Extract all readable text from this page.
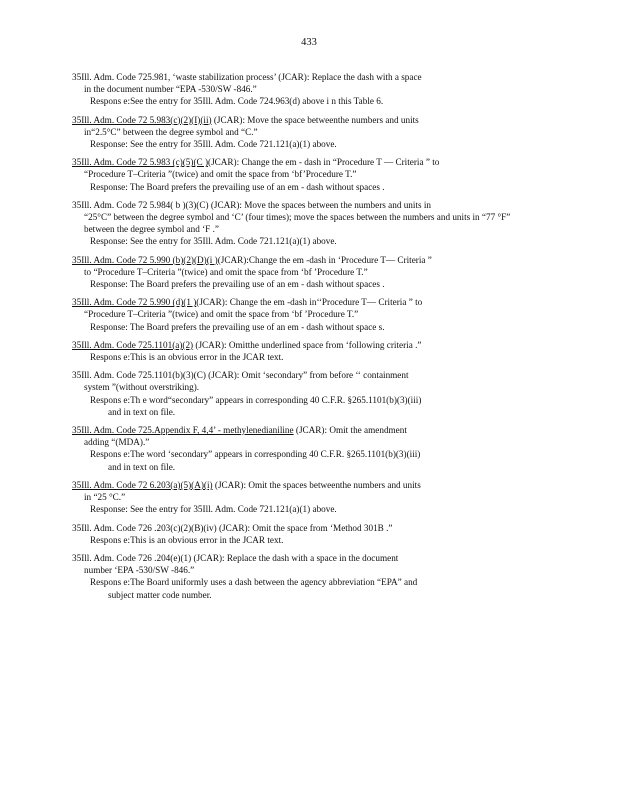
433
35Ill. Adm. Code 725.981, ‘waste stabilization process’ (JCAR): Replace the dash with a space
in the document number “EPA -530/SW -846.”
Respons e:See the entry for 35Ill. Adm. Code 724.963(d) above i n this Table 6.
35Ill. Adm. Code 72 5.983(c)(2)(I)(ii) (JCAR): Move the space betweenthe numbers and units
in“2.5°C” between the degree symbol and “C.”
Response: See the entry for 35Ill. Adm. Code 721.121(a)(1) above.
35Ill. Adm. Code 72 5.983 (c)(5)(C )(JCAR): Change the em - dash in “Procedure T — Criteria ” to
“Procedure T–Criteria ”(twice) and omit the space from ‘bf’Procedure T.”
Response: The Board prefers the prevailing use of an em - dash without spaces .
35Ill. Adm. Code 72 5.984( b )(3)(C) (JCAR): Move the spaces between the numbers and units in
“25°C” between the degree symbol and ‘C’ (four times); move the spaces between the numbers and units in “77 °F” between the degree symbol and ‘F .”
Response: See the entry for 35Ill. Adm. Code 721.121(a)(1) above.
35Ill. Adm. Code 72 5.990 (b)(2)(D)(i )(JCAR):Change the em -dash in ‘Procedure T— Criteria ”
to “Procedure T–Criteria ”(twice) and omit the space from ‘bf ’Procedure T.”
Response: The Board prefers the prevailing use of an em - dash without spaces .
35Ill. Adm. Code 72 5.990 (d)(1 )(JCAR): Change the em -dash in‘‘Procedure T— Criteria ” to
“Procedure T–Criteria ”(twice) and omit the space from ‘bf ’Procedure T.”
Response: The Board prefers the prevailing use of an em - dash without space s.
35Ill. Adm. Code 725.1101(a)(2) (JCAR): Omitthe underlined space from ‘following criteria .”
Respons e:This is an obvious error in the JCAR text.
35Ill. Adm. Code 725.1101(b)(3)(C) (JCAR): Omit ‘secondary” from before ‘‘ containment
system ”(without overstriking).
Respons e:Th e word“secondary” appears in corresponding 40 C.F.R. §265.1101(b)(3)(iii)
and in text on file.
35Ill. Adm. Code 725.Appendix F, 4,4’ - methylenedianiline (JCAR): Omit the amendment
adding “(MDA).”
Respons e:The word ‘secondary” appears in corresponding 40 C.F.R. §265.1101(b)(3)(iii)
and in text on file.
35Ill. Adm. Code 72 6.203(a)(5)(A)(i) (JCAR): Omit the spaces betweenthe numbers and units
in “25 °C.”
Response: See the entry for 35Ill. Adm. Code 721.121(a)(1) above.
35Ill. Adm. Code 726 .203(c)(2)(B)(iv) (JCAR): Omit the space from ‘Method 301B .”
Respons e:This is an obvious error in the JCAR text.
35Ill. Adm. Code 726 .204(e)(1) (JCAR): Replace the dash with a space in the document
number ‘EPA -530/SW -846.”
Respons e:The Board uniformly uses a dash between the agency abbreviation “EPA” and
subject matter code number.
